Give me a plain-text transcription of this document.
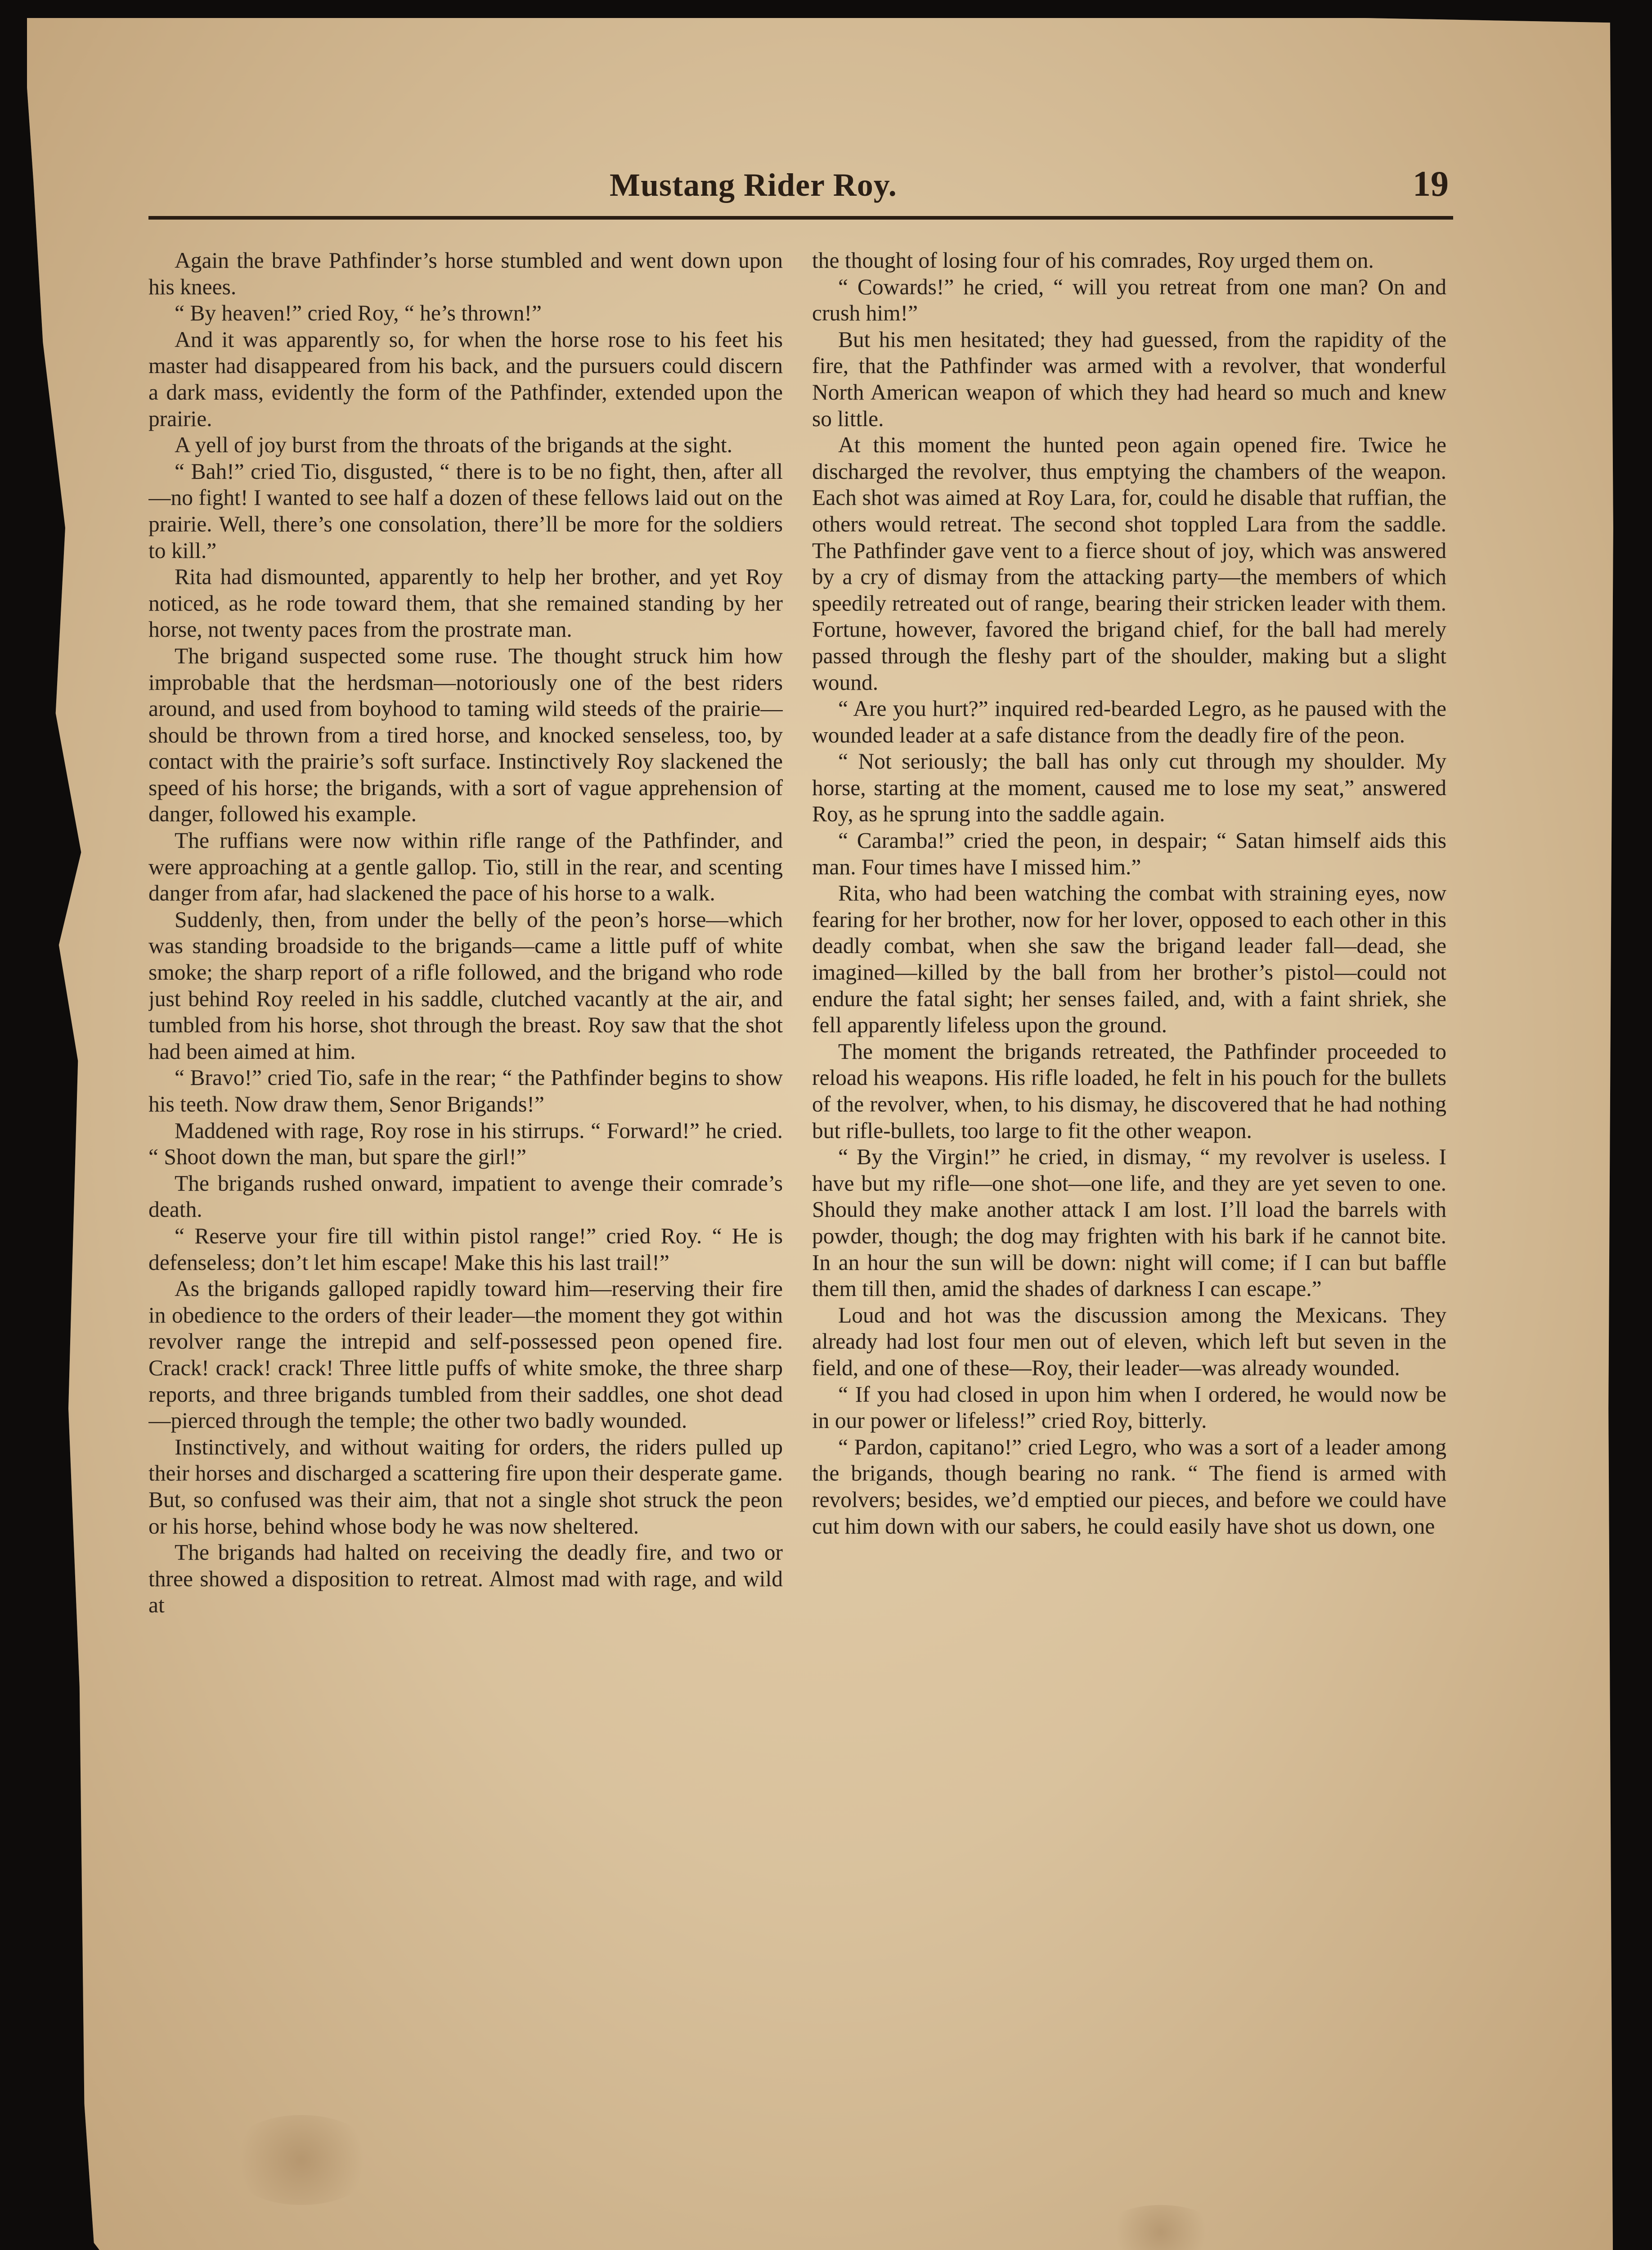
Mustang Rider Roy.	19

Again the brave Pathfinder’s horse stumbled and went down upon his knees.

“ By heaven!” cried Roy, “ he’s thrown!”

And it was apparently so, for when the horse rose to his feet his master had disappeared from his back, and the pursuers could discern a dark mass, evidently the form of the Pathfinder, extended upon the prairie.

A yell of joy burst from the throats of the brigands at the sight.

“ Bah!” cried Tio, disgusted, “ there is to be no fight, then, after all—no fight! I wanted to see half a dozen of these fellows laid out on the prairie. Well, there’s one consolation, there’ll be more for the soldiers to kill.”

Rita had dismounted, apparently to help her brother, and yet Roy noticed, as he rode toward them, that she remained standing by her horse, not twenty paces from the prostrate man.

The brigand suspected some ruse. The thought struck him how improbable that the herdsman—notoriously one of the best riders around, and used from boyhood to taming wild steeds of the prairie—should be thrown from a tired horse, and knocked senseless, too, by contact with the prairie’s soft surface. Instinctively Roy slackened the speed of his horse; the brigands, with a sort of vague apprehension of danger, followed his example.

The ruffians were now within rifle range of the Pathfinder, and were approaching at a gentle gallop. Tio, still in the rear, and scenting danger from afar, had slackened the pace of his horse to a walk.

Suddenly, then, from under the belly of the peon’s horse—which was standing broadside to the brigands—came a little puff of white smoke; the sharp report of a rifle followed, and the brigand who rode just behind Roy reeled in his saddle, clutched vacantly at the air, and tumbled from his horse, shot through the breast. Roy saw that the shot had been aimed at him.

“ Bravo!” cried Tio, safe in the rear; “ the Pathfinder begins to show his teeth. Now draw them, Senor Brigands!”

Maddened with rage, Roy rose in his stirrups. “ Forward!” he cried. “ Shoot down the man, but spare the girl!”

The brigands rushed onward, impatient to avenge their comrade’s death.

“ Reserve your fire till within pistol range!” cried Roy. “ He is defenseless; don’t let him escape! Make this his last trail!”

As the brigands galloped rapidly toward him—reserving their fire in obedience to the orders of their leader—the moment they got within revolver range the intrepid and self-possessed peon opened fire. Crack! crack! crack! Three little puffs of white smoke, the three sharp reports, and three brigands tumbled from their saddles, one shot dead—pierced through the temple; the other two badly wounded.

Instinctively, and without waiting for orders, the riders pulled up their horses and discharged a scattering fire upon their desperate game. But, so confused was their aim, that not a single shot struck the peon or his horse, behind whose body he was now sheltered.

The brigands had halted on receiving the deadly fire, and two or three showed a disposition to retreat. Almost mad with rage, and wild at

the thought of losing four of his comrades, Roy urged them on.

“ Cowards!” he cried, “ will you retreat from one man? On and crush him!”

But his men hesitated; they had guessed, from the rapidity of the fire, that the Pathfinder was armed with a revolver, that wonderful North American weapon of which they had heard so much and knew so little.

At this moment the hunted peon again opened fire. Twice he discharged the revolver, thus emptying the chambers of the weapon. Each shot was aimed at Roy Lara, for, could he disable that ruffian, the others would retreat. The second shot toppled Lara from the saddle. The Pathfinder gave vent to a fierce shout of joy, which was answered by a cry of dismay from the attacking party—the members of which speedily retreated out of range, bearing their stricken leader with them. Fortune, however, favored the brigand chief, for the ball had merely passed through the fleshy part of the shoulder, making but a slight wound.

“ Are you hurt?” inquired red-bearded Legro, as he paused with the wounded leader at a safe distance from the deadly fire of the peon.

“ Not seriously; the ball has only cut through my shoulder. My horse, starting at the moment, caused me to lose my seat,” answered Roy, as he sprung into the saddle again.

“ Caramba!” cried the peon, in despair; “ Satan himself aids this man. Four times have I missed him.”

Rita, who had been watching the combat with straining eyes, now fearing for her brother, now for her lover, opposed to each other in this deadly combat, when she saw the brigand leader fall—dead, she imagined—killed by the ball from her brother’s pistol—could not endure the fatal sight; her senses failed, and, with a faint shriek, she fell apparently lifeless upon the ground.

The moment the brigands retreated, the Pathfinder proceeded to reload his weapons. His rifle loaded, he felt in his pouch for the bullets of the revolver, when, to his dismay, he discovered that he had nothing but rifle-bullets, too large to fit the other weapon.

“ By the Virgin!” he cried, in dismay, “ my revolver is useless. I have but my rifle—one shot—one life, and they are yet seven to one. Should they make another attack I am lost. I’ll load the barrels with powder, though; the dog may frighten with his bark if he cannot bite. In an hour the sun will be down: night will come; if I can but baffle them till then, amid the shades of darkness I can escape.”

Loud and hot was the discussion among the Mexicans. They already had lost four men out of eleven, which left but seven in the field, and one of these—Roy, their leader—was already wounded.

“ If you had closed in upon him when I ordered, he would now be in our power or lifeless!” cried Roy, bitterly.

“ Pardon, capitano!” cried Legro, who was a sort of a leader among the brigands, though bearing no rank. “ The fiend is armed with revolvers; besides, we’d emptied our pieces, and before we could have cut him down with our sabers, he could easily have shot us down, one
